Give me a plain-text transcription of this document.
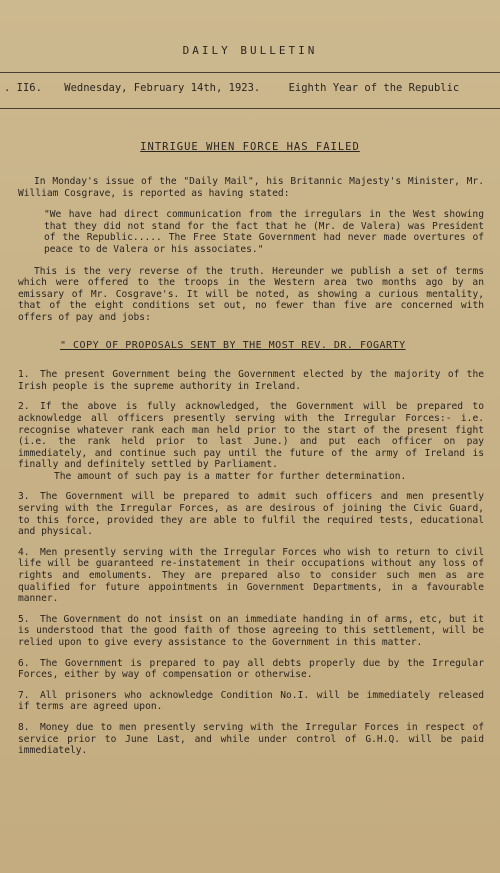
DAILY BULLETIN
. II6. Wednesday, February 14th, 1923.	Eighth Year of the Republic
INTRIGUE WHEN FORCE HAS FAILED

In Monday's issue of the "Daily Mail", his Britannic Majesty's Minister, Mr. William Cosgrave, is reported as having stated:

"We have had direct communication from the irregulars in the West showing that they did not stand for the fact that he (Mr. de Valera) was President of the Republic..... The Free State Government had never made overtures of peace to de Valera or his associates."

This is the very reverse of the truth. Hereunder we publish a set of terms which were offered to the troops in the Western area two months ago by an emissary of Mr. Cosgrave's. It will be noted, as showing a curious mentality, that of the eight conditions set out, no fewer than five are concerned with offers of pay and jobs:

" COPY OF PROPOSALS SENT BY THE MOST REV. DR. FOGARTY
1. The present Government being the Government elected by the majority of the Irish people is the supreme authority in Ireland.
2. If the above is fully acknowledged, the Government will be prepared to acknowledge all officers presently serving with the Irregular Forces:- i.e. recognise whatever rank each man held prior to the start of the present fight (i.e. the rank held prior to last June.) and put each officer on pay immediately, and continue such pay until the future of the army of Ireland is finally and definitely settled by Parliament.
The amount of such pay is a matter for further determination.
3. The Government will be prepared to admit such officers and men presently serving with the Irregular Forces, as are desirous of joining the Civic Guard, to this force, provided they are able to fulfil the required tests, educational and physical.
4. Men presently serving with the Irregular Forces who wish to return to civil life will be guaranteed re-instatement in their occupations without any loss of rights and emoluments. They are prepared also to consider such men as are qualified for future appointments in Government Departments, in a favourable manner.
5. The Government do not insist on an immediate handing in of arms, etc, but it is understood that the good faith of those agreeing to this settlement, will be relied upon to give every assistance to the Government in this matter.
6. The Government is prepared to pay all debts properly due by the Irregular Forces, either by way of compensation or otherwise.
7. All prisoners who acknowledge Condition No.I. will be immediately released if terms are agreed upon.
8. Money due to men presently serving with the Irregular Forces in respect of service prior to June Last, and while under control of G.H.Q. will be paid immediately.
